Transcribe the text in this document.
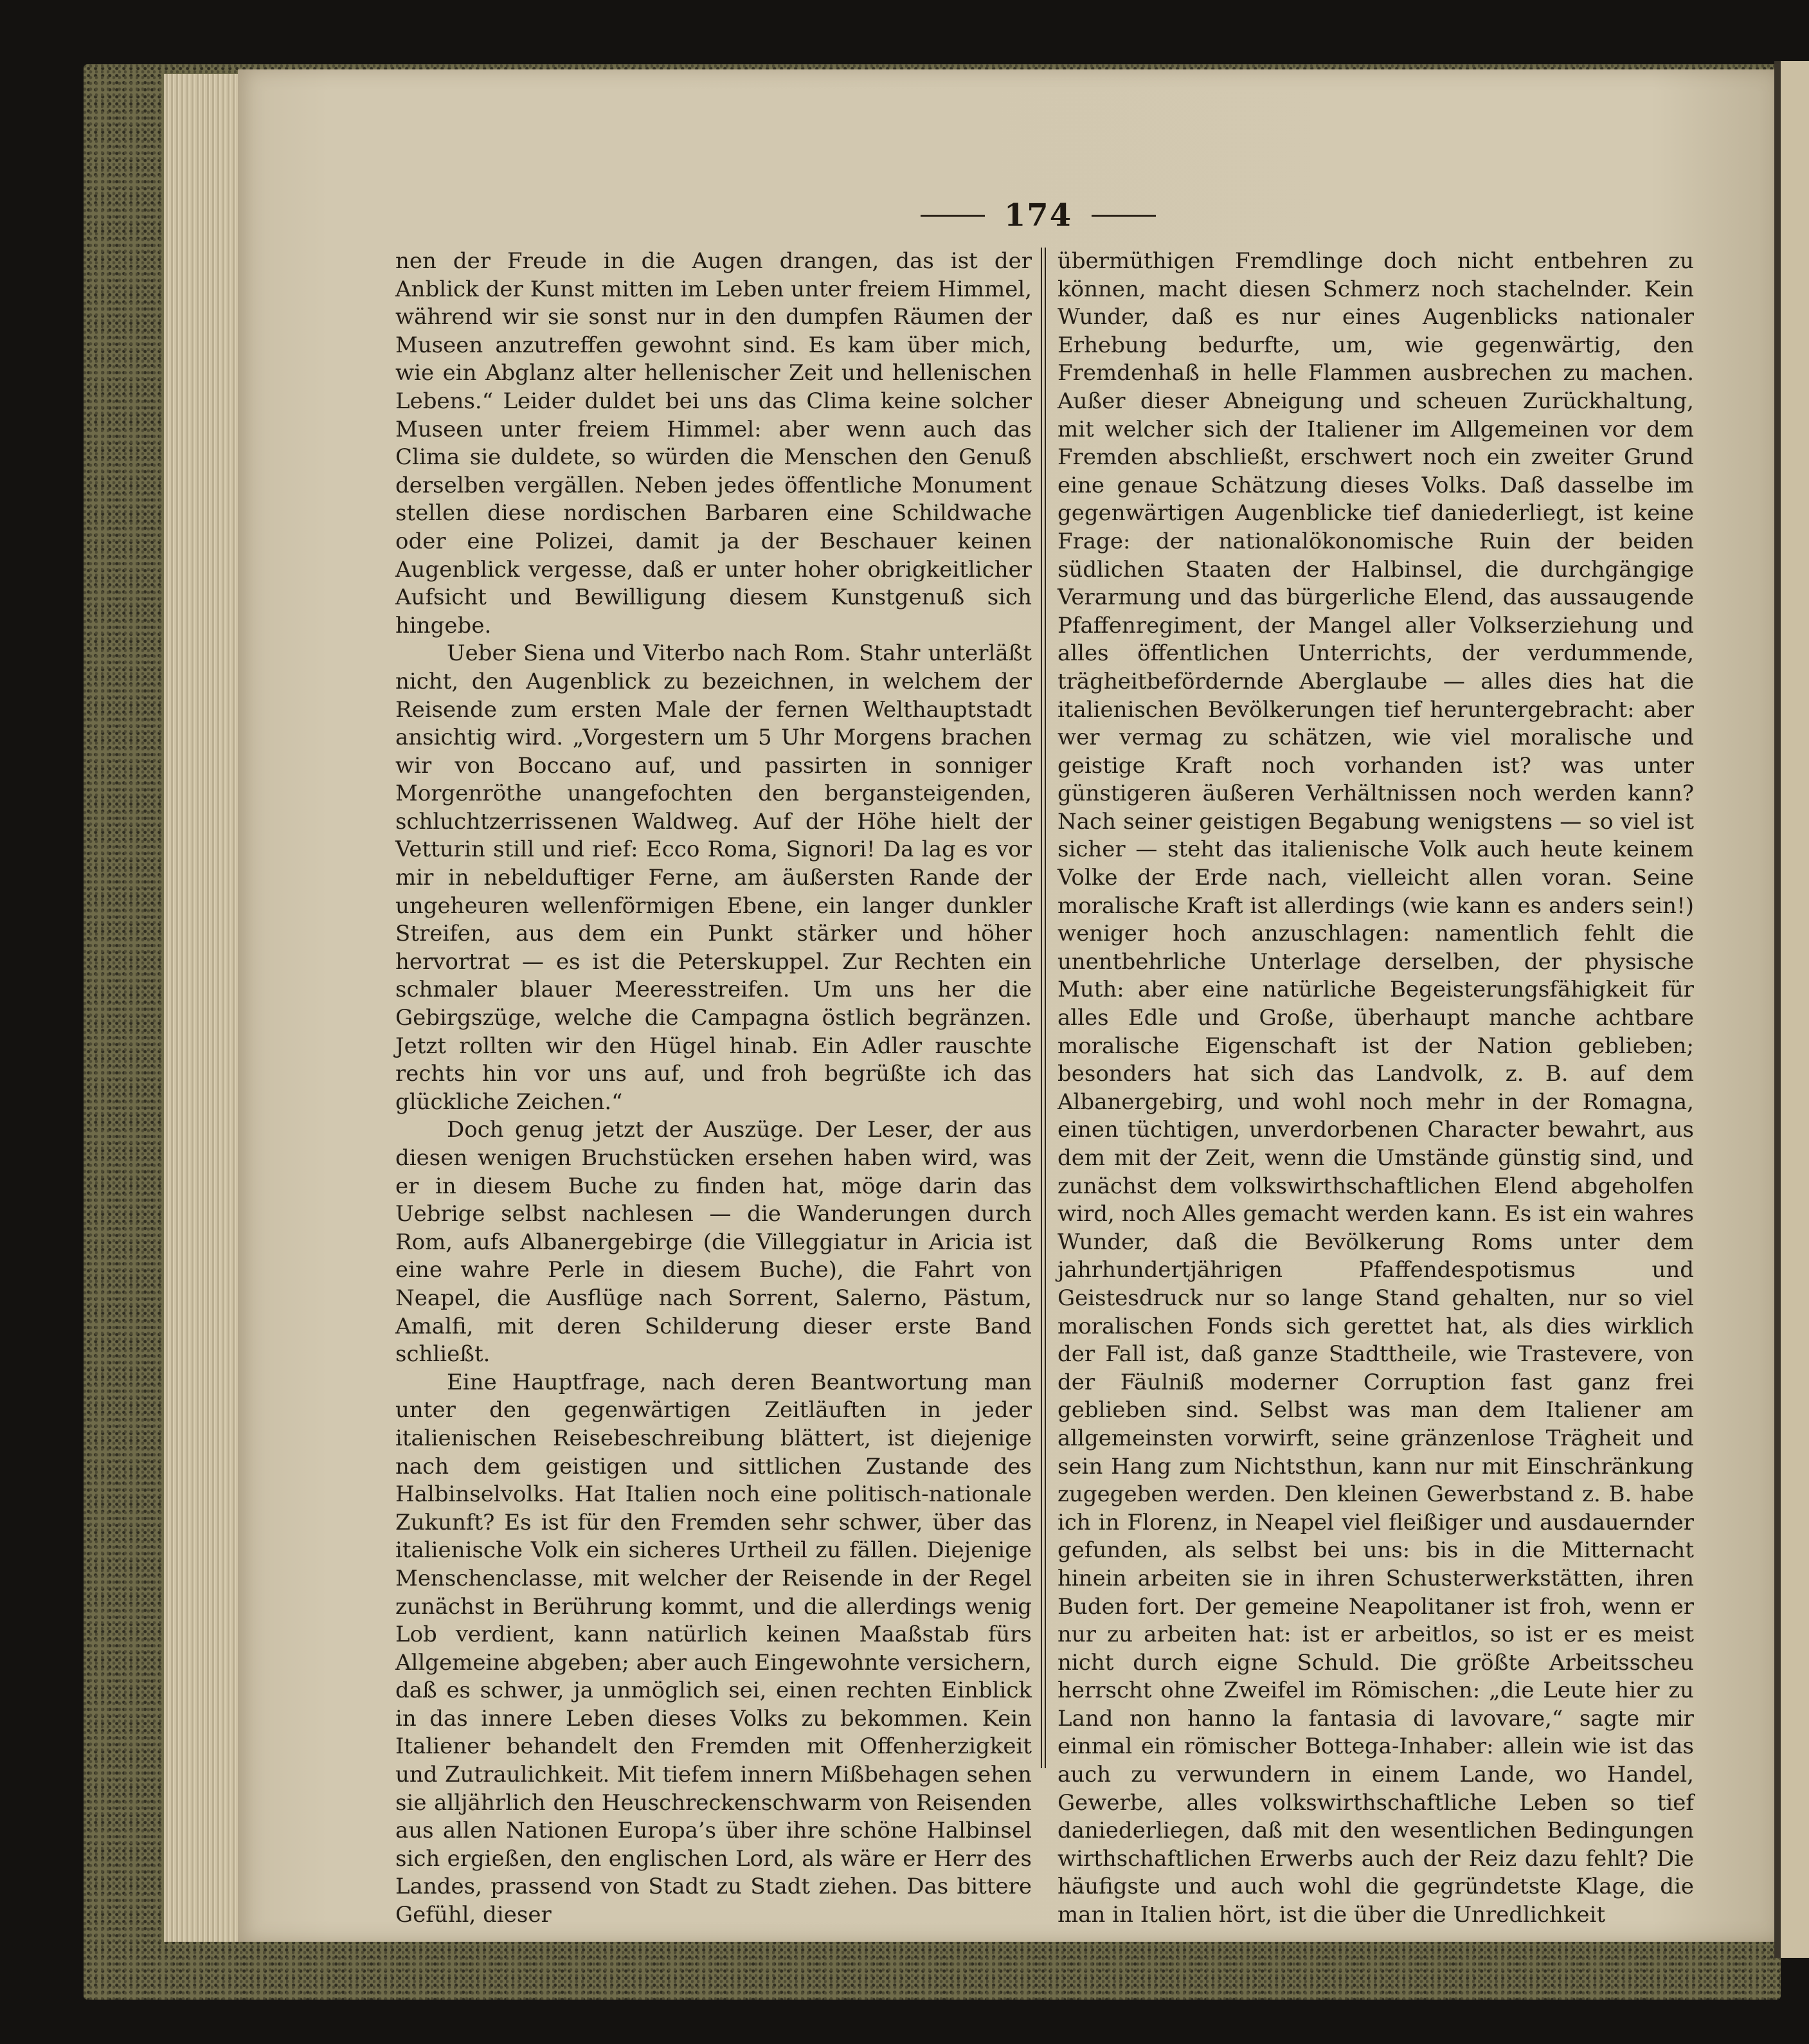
174

nen der Freude in die Augen drangen, das ist der Anblick der Kunst mitten im Leben unter freiem Himmel, während wir sie sonst nur in den dumpfen Räumen der Museen anzutreffen gewohnt sind. Es kam über mich, wie ein Abglanz alter hellenischer Zeit und hellenischen Lebens.“ Leider duldet bei uns das Clima keine solcher Museen unter freiem Himmel: aber wenn auch das Clima sie duldete, so würden die Menschen den Genuß derselben vergällen. Neben jedes öffentliche Monument stellen diese nordischen Barbaren eine Schildwache oder eine Polizei, damit ja der Beschauer keinen Augenblick vergesse, daß er unter hoher obrigkeitlicher Aufsicht und Bewilligung diesem Kunstgenuß sich hingebe.

Ueber Siena und Viterbo nach Rom. Stahr unterläßt nicht, den Augenblick zu bezeichnen, in welchem der Reisende zum ersten Male der fernen Welthauptstadt ansichtig wird. „Vorgestern um 5 Uhr Morgens brachen wir von Boccano auf, und passirten in sonniger Morgenröthe unangefochten den bergansteigenden, schluchtzerrissenen Waldweg. Auf der Höhe hielt der Vetturin still und rief: Ecco Roma, Signori! Da lag es vor mir in nebelduftiger Ferne, am äußersten Rande der ungeheuren wellenförmigen Ebene, ein langer dunkler Streifen, aus dem ein Punkt stärker und höher hervortrat — es ist die Peterskuppel. Zur Rechten ein schmaler blauer Meeresstreifen. Um uns her die Gebirgszüge, welche die Campagna östlich begränzen. Jetzt rollten wir den Hügel hinab. Ein Adler rauschte rechts hin vor uns auf, und froh begrüßte ich das glückliche Zeichen.“

Doch genug jetzt der Auszüge. Der Leser, der aus diesen wenigen Bruchstücken ersehen haben wird, was er in diesem Buche zu finden hat, möge darin das Uebrige selbst nachlesen — die Wanderungen durch Rom, aufs Albanergebirge (die Villeggiatur in Aricia ist eine wahre Perle in diesem Buche), die Fahrt von Neapel, die Ausflüge nach Sorrent, Salerno, Pästum, Amalfi, mit deren Schilderung dieser erste Band schließt.

Eine Hauptfrage, nach deren Beantwortung man unter den gegenwärtigen Zeitläuften in jeder italienischen Reisebeschreibung blättert, ist diejenige nach dem geistigen und sittlichen Zustande des Halbinselvolks. Hat Italien noch eine politisch-nationale Zukunft? Es ist für den Fremden sehr schwer, über das italienische Volk ein sicheres Urtheil zu fällen. Diejenige Menschenclasse, mit welcher der Reisende in der Regel zunächst in Berührung kommt, und die allerdings wenig Lob verdient, kann natürlich keinen Maaßstab fürs Allgemeine abgeben; aber auch Eingewohnte versichern, daß es schwer, ja unmöglich sei, einen rechten Einblick in das innere Leben dieses Volks zu bekommen. Kein Italiener behandelt den Fremden mit Offenherzigkeit und Zutraulichkeit. Mit tiefem innern Mißbehagen sehen sie alljährlich den Heuschreckenschwarm von Reisenden aus allen Nationen Europa’s über ihre schöne Halbinsel sich ergießen, den englischen Lord, als wäre er Herr des Landes, prassend von Stadt zu Stadt ziehen. Das bittere Gefühl, dieser

übermüthigen Fremdlinge doch nicht entbehren zu können, macht diesen Schmerz noch stachelnder. Kein Wunder, daß es nur eines Augenblicks nationaler Erhebung bedurfte, um, wie gegenwärtig, den Fremdenhaß in helle Flammen ausbrechen zu machen. Außer dieser Abneigung und scheuen Zurückhaltung, mit welcher sich der Italiener im Allgemeinen vor dem Fremden abschließt, erschwert noch ein zweiter Grund eine genaue Schätzung dieses Volks. Daß dasselbe im gegenwärtigen Augenblicke tief daniederliegt, ist keine Frage: der nationalökonomische Ruin der beiden südlichen Staaten der Halbinsel, die durchgängige Verarmung und das bürgerliche Elend, das aussaugende Pfaffenregiment, der Mangel aller Volkserziehung und alles öffentlichen Unterrichts, der verdummende, trägheitbefördernde Aberglaube — alles dies hat die italienischen Bevölkerungen tief heruntergebracht: aber wer vermag zu schätzen, wie viel moralische und geistige Kraft noch vorhanden ist? was unter günstigeren äußeren Verhältnissen noch werden kann? Nach seiner geistigen Begabung wenigstens — so viel ist sicher — steht das italienische Volk auch heute keinem Volke der Erde nach, vielleicht allen voran. Seine moralische Kraft ist allerdings (wie kann es anders sein!) weniger hoch anzuschlagen: namentlich fehlt die unentbehrliche Unterlage derselben, der physische Muth: aber eine natürliche Begeisterungsfähigkeit für alles Edle und Große, überhaupt manche achtbare moralische Eigenschaft ist der Nation geblieben; besonders hat sich das Landvolk, z. B. auf dem Albanergebirg, und wohl noch mehr in der Romagna, einen tüchtigen, unverdorbenen Character bewahrt, aus dem mit der Zeit, wenn die Umstände günstig sind, und zunächst dem volkswirthschaftlichen Elend abgeholfen wird, noch Alles gemacht werden kann. Es ist ein wahres Wunder, daß die Bevölkerung Roms unter dem jahrhundertjährigen Pfaffendespotismus und Geistesdruck nur so lange Stand gehalten, nur so viel moralischen Fonds sich gerettet hat, als dies wirklich der Fall ist, daß ganze Stadttheile, wie Trastevere, von der Fäulniß moderner Corruption fast ganz frei geblieben sind. Selbst was man dem Italiener am allgemeinsten vorwirft, seine gränzenlose Trägheit und sein Hang zum Nichtsthun, kann nur mit Einschränkung zugegeben werden. Den kleinen Gewerbstand z. B. habe ich in Florenz, in Neapel viel fleißiger und ausdauernder gefunden, als selbst bei uns: bis in die Mitternacht hinein arbeiten sie in ihren Schusterwerkstätten, ihren Buden fort. Der gemeine Neapolitaner ist froh, wenn er nur zu arbeiten hat: ist er arbeitlos, so ist er es meist nicht durch eigne Schuld. Die größte Arbeitsscheu herrscht ohne Zweifel im Römischen: „die Leute hier zu Land non hanno la fantasia di lavovare,“ sagte mir einmal ein römischer Bottega-Inhaber: allein wie ist das auch zu verwundern in einem Lande, wo Handel, Gewerbe, alles volkswirthschaftliche Leben so tief daniederliegen, daß mit den wesentlichen Bedingungen wirthschaftlichen Erwerbs auch der Reiz dazu fehlt? Die häufigste und auch wohl die gegründetste Klage, die man in Italien hört, ist die über die Unredlichkeit
